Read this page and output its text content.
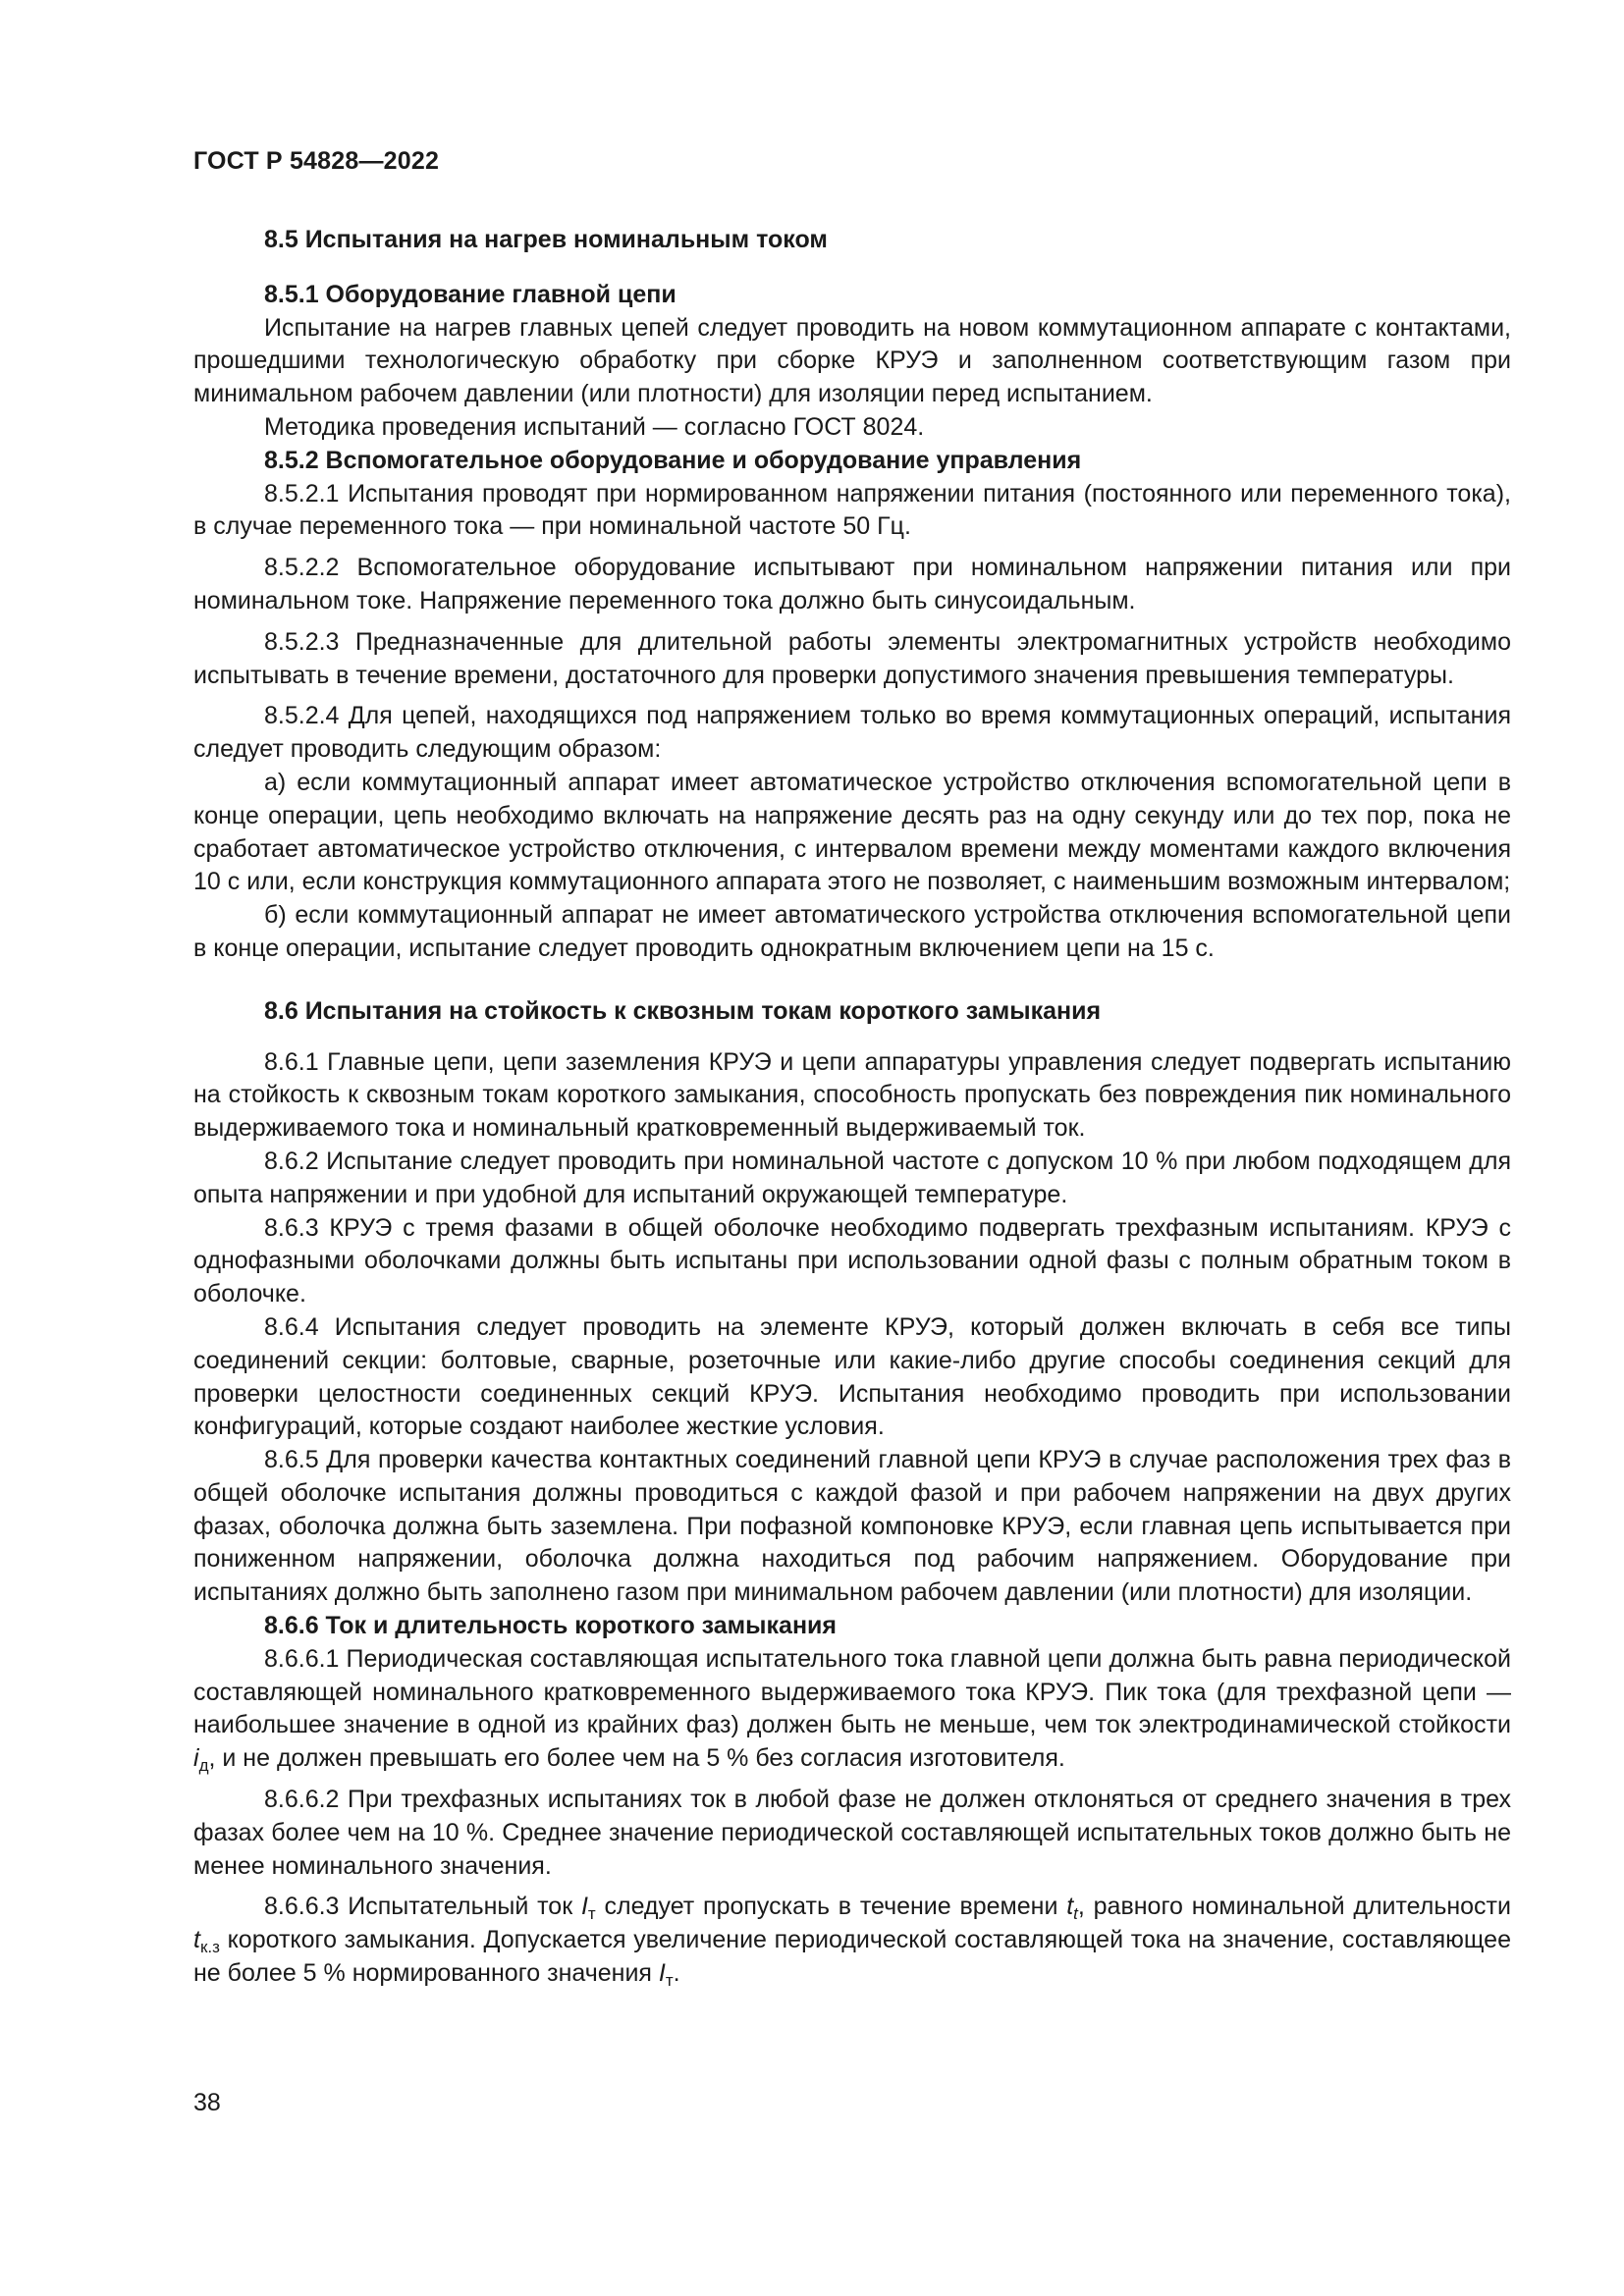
ГОСТ Р 54828—2022

8.5 Испытания на нагрев номинальным током

8.5.1 Оборудование главной цепи

Испытание на нагрев главных цепей следует проводить на новом коммутационном аппарате с контактами, прошедшими технологическую обработку при сборке КРУЭ и заполненном соответствующим газом при минимальном рабочем давлении (или плотности) для изоляции перед испытанием.

Методика проведения испытаний — согласно ГОСТ 8024.

8.5.2 Вспомогательное оборудование и оборудование управления

8.5.2.1 Испытания проводят при нормированном напряжении питания (постоянного или переменного тока), в случае переменного тока — при номинальной частоте 50 Гц.

8.5.2.2 Вспомогательное оборудование испытывают при номинальном напряжении питания или при номинальном токе. Напряжение переменного тока должно быть синусоидальным.

8.5.2.3 Предназначенные для длительной работы элементы электромагнитных устройств необходимо испытывать в течение времени, достаточного для проверки допустимого значения превышения температуры.

8.5.2.4 Для цепей, находящихся под напряжением только во время коммутационных операций, испытания следует проводить следующим образом:

а) если коммутационный аппарат имеет автоматическое устройство отключения вспомогательной цепи в конце операции, цепь необходимо включать на напряжение десять раз на одну секунду или до тех пор, пока не сработает автоматическое устройство отключения, с интервалом времени между моментами каждого включения 10 с или, если конструкция коммутационного аппарата этого не позволяет, с наименьшим возможным интервалом;

б) если коммутационный аппарат не имеет автоматического устройства отключения вспомогательной цепи в конце операции, испытание следует проводить однократным включением цепи на 15 с.

8.6 Испытания на стойкость к сквозным токам короткого замыкания

8.6.1 Главные цепи, цепи заземления КРУЭ и цепи аппаратуры управления следует подвергать испытанию на стойкость к сквозным токам короткого замыкания, способность пропускать без повреждения пик номинального выдерживаемого тока и номинальный кратковременный выдерживаемый ток.

8.6.2 Испытание следует проводить при номинальной частоте с допуском 10 % при любом подходящем для опыта напряжении и при удобной для испытаний окружающей температуре.

8.6.3 КРУЭ с тремя фазами в общей оболочке необходимо подвергать трехфазным испытаниям. КРУЭ с однофазными оболочками должны быть испытаны при использовании одной фазы с полным обратным током в оболочке.

8.6.4 Испытания следует проводить на элементе КРУЭ, который должен включать в себя все типы соединений секции: болтовые, сварные, розеточные или какие-либо другие способы соединения секций для проверки целостности соединенных секций КРУЭ. Испытания необходимо проводить при использовании конфигураций, которые создают наиболее жесткие условия.

8.6.5 Для проверки качества контактных соединений главной цепи КРУЭ в случае расположения трех фаз в общей оболочке испытания должны проводиться с каждой фазой и при рабочем напряжении на двух других фазах, оболочка должна быть заземлена. При пофазной компоновке КРУЭ, если главная цепь испытывается при пониженном напряжении, оболочка должна находиться под рабочим напряжением. Оборудование при испытаниях должно быть заполнено газом при минимальном рабочем давлении (или плотности) для изоляции.

8.6.6 Ток и длительность короткого замыкания

8.6.6.1 Периодическая составляющая испытательного тока главной цепи должна быть равна периодической составляющей номинального кратковременного выдерживаемого тока КРУЭ. Пик тока (для трехфазной цепи — наибольшее значение в одной из крайних фаз) должен быть не меньше, чем ток электродинамической стойкости $i_д$, и не должен превышать его более чем на 5 % без согласия изготовителя.

8.6.6.2 При трехфазных испытаниях ток в любой фазе не должен отклоняться от среднего значения в трех фазах более чем на 10 %. Среднее значение периодической составляющей испытательных токов должно быть не менее номинального значения.

8.6.6.3 Испытательный ток $I_т$ следует пропускать в течение времени $t_t$, равного номинальной длительности $t_{к.з}$ короткого замыкания. Допускается увеличение периодической составляющей тока на значение, составляющее не более 5 % нормированного значения $I_т$.

38
